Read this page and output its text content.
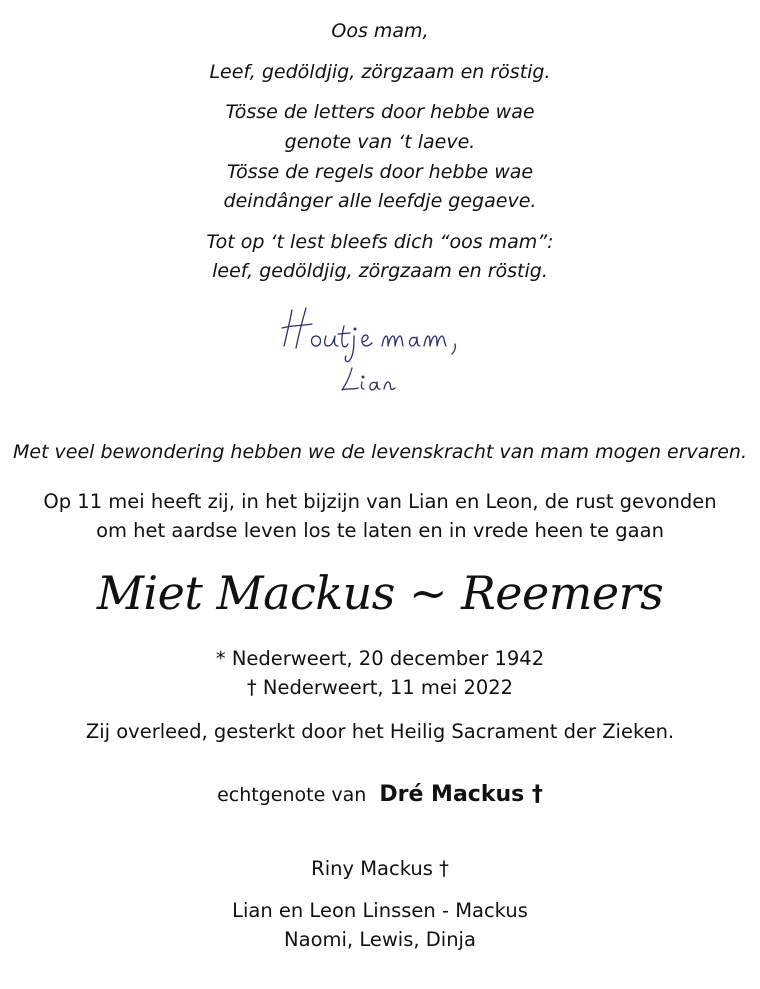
Oos mam,
Leef, gedöldjig, zörgzaam en röstig.
Tösse de letters door hebbe wae
genote van ‘t laeve.
Tösse de regels door hebbe wae
deindânger alle leefdje gegaeve.
Tot op ‘t lest bleefs dich “oos mam”:
leef, gedöldjig, zörgzaam en röstig.
Met veel bewondering hebben we de levenskracht van mam mogen ervaren.
Op 11 mei heeft zij, in het bijzijn van Lian en Leon, de rust gevonden
om het aardse leven los te laten en in vrede heen te gaan
Miet Mackus ~ Reemers
* Nederweert, 20 december 1942
† Nederweert, 11 mei 2022
Zij overleed, gesterkt door het Heilig Sacrament der Zieken.
echtgenote van Dré Mackus †
Riny Mackus †
Lian en Leon Linssen - Mackus
Naomi, Lewis, Dinja
